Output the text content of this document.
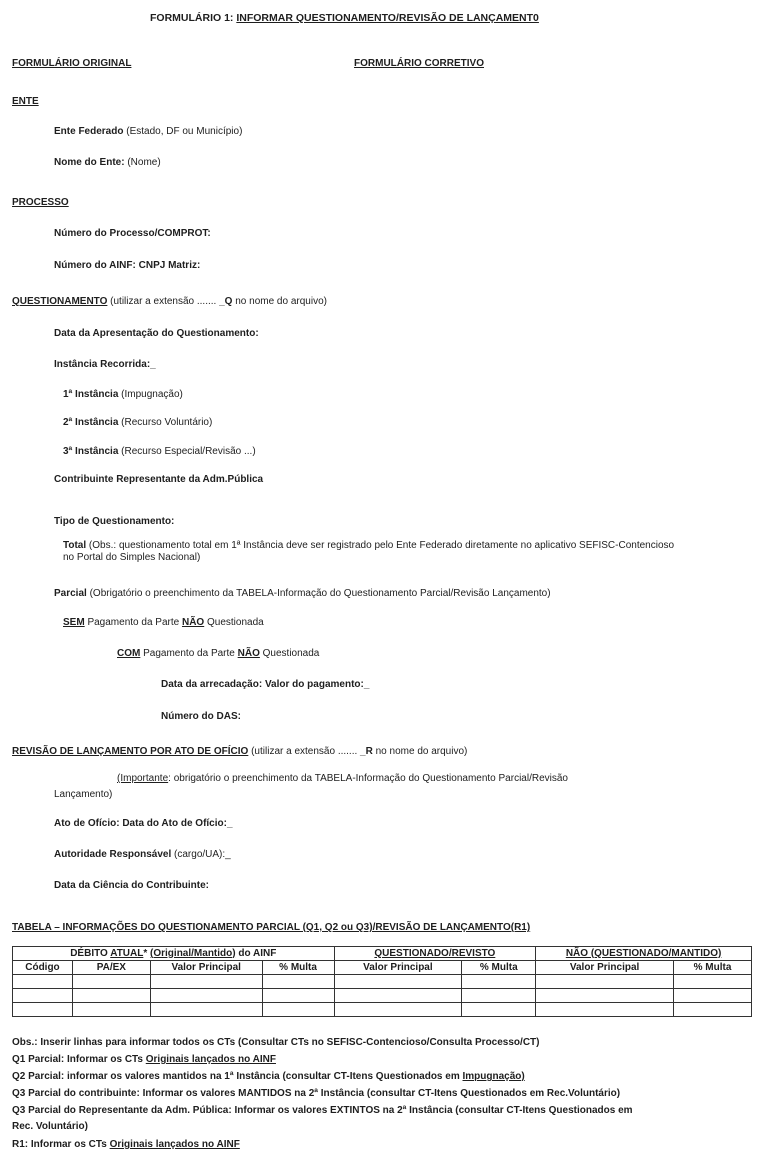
FORMULÁRIO 1: INFORMAR QUESTIONAMENTO/REVISÃO DE LANÇAMENT0
FORMULÁRIO ORIGINAL	FORMULÁRIO CORRETIVO
ENTE
Ente Federado (Estado, DF ou Município)
Nome do Ente: (Nome)
PROCESSO
Número do Processo/COMPROT:
Número do AINF: CNPJ Matriz:
QUESTIONAMENTO (utilizar a extensão ....... _Q no nome do arquivo)
Data da Apresentação do Questionamento:
Instância Recorrida:_
1ª Instância (Impugnação)
2ª Instância (Recurso Voluntário)
3ª Instância (Recurso Especial/Revisão ...)
Contribuinte Representante da Adm.Pública
Tipo de Questionamento:
Total (Obs.: questionamento total em 1ª Instância deve ser registrado pelo Ente Federado diretamente no aplicativo SEFISC-Contencioso no Portal do Simples Nacional)
Parcial (Obrigatório o preenchimento da TABELA-Informação do Questionamento Parcial/Revisão Lançamento)
SEM Pagamento da Parte NÃO Questionada
COM Pagamento da Parte NÃO Questionada
Data da arrecadação: Valor do pagamento:_
Número do DAS:
REVISÃO DE LANÇAMENTO POR ATO DE OFÍCIO (utilizar a extensão ....... _R no nome do arquivo)
(Importante: obrigatório o preenchimento da TABELA-Informação do Questionamento Parcial/Revisão
Lançamento)
Ato de Ofício: Data do Ato de Ofício:_
Autoridade Responsável (cargo/UA):_
Data da Ciência do Contribuinte:
TABELA – INFORMAÇÕES DO QUESTIONAMENTO PARCIAL (Q1, Q2 ou Q3)/REVISÃO DE LANÇAMENTO(R1)
DÉBITO ATUAL* (Original/Mantido) do AINF				QUESTIONADO/REVISTO		NÃO (QUESTIONADO/MANTIDO)	
Código	PA/EX	Valor Principal	% Multa	Valor Principal	% Multa	Valor Principal	% Multa

Obs.: Inserir linhas para informar todos os CTs (Consultar CTs no SEFISC-Contencioso/Consulta Processo/CT)
Q1 Parcial: Informar os CTs Originais lançados no AINF
Q2 Parcial: informar os valores mantidos na 1ª Instância (consultar CT-Itens Questionados em Impugnação)
Q3 Parcial do contribuinte: Informar os valores MANTIDOS na 2ª Instância (consultar CT-Itens Questionados em Rec.Voluntário)
Q3 Parcial do Representante da Adm. Pública: Informar os valores EXTINTOS na 2ª Instância (consultar CT-Itens Questionados em
Rec. Voluntário)
R1: Informar os CTs Originais lançados no AINF
